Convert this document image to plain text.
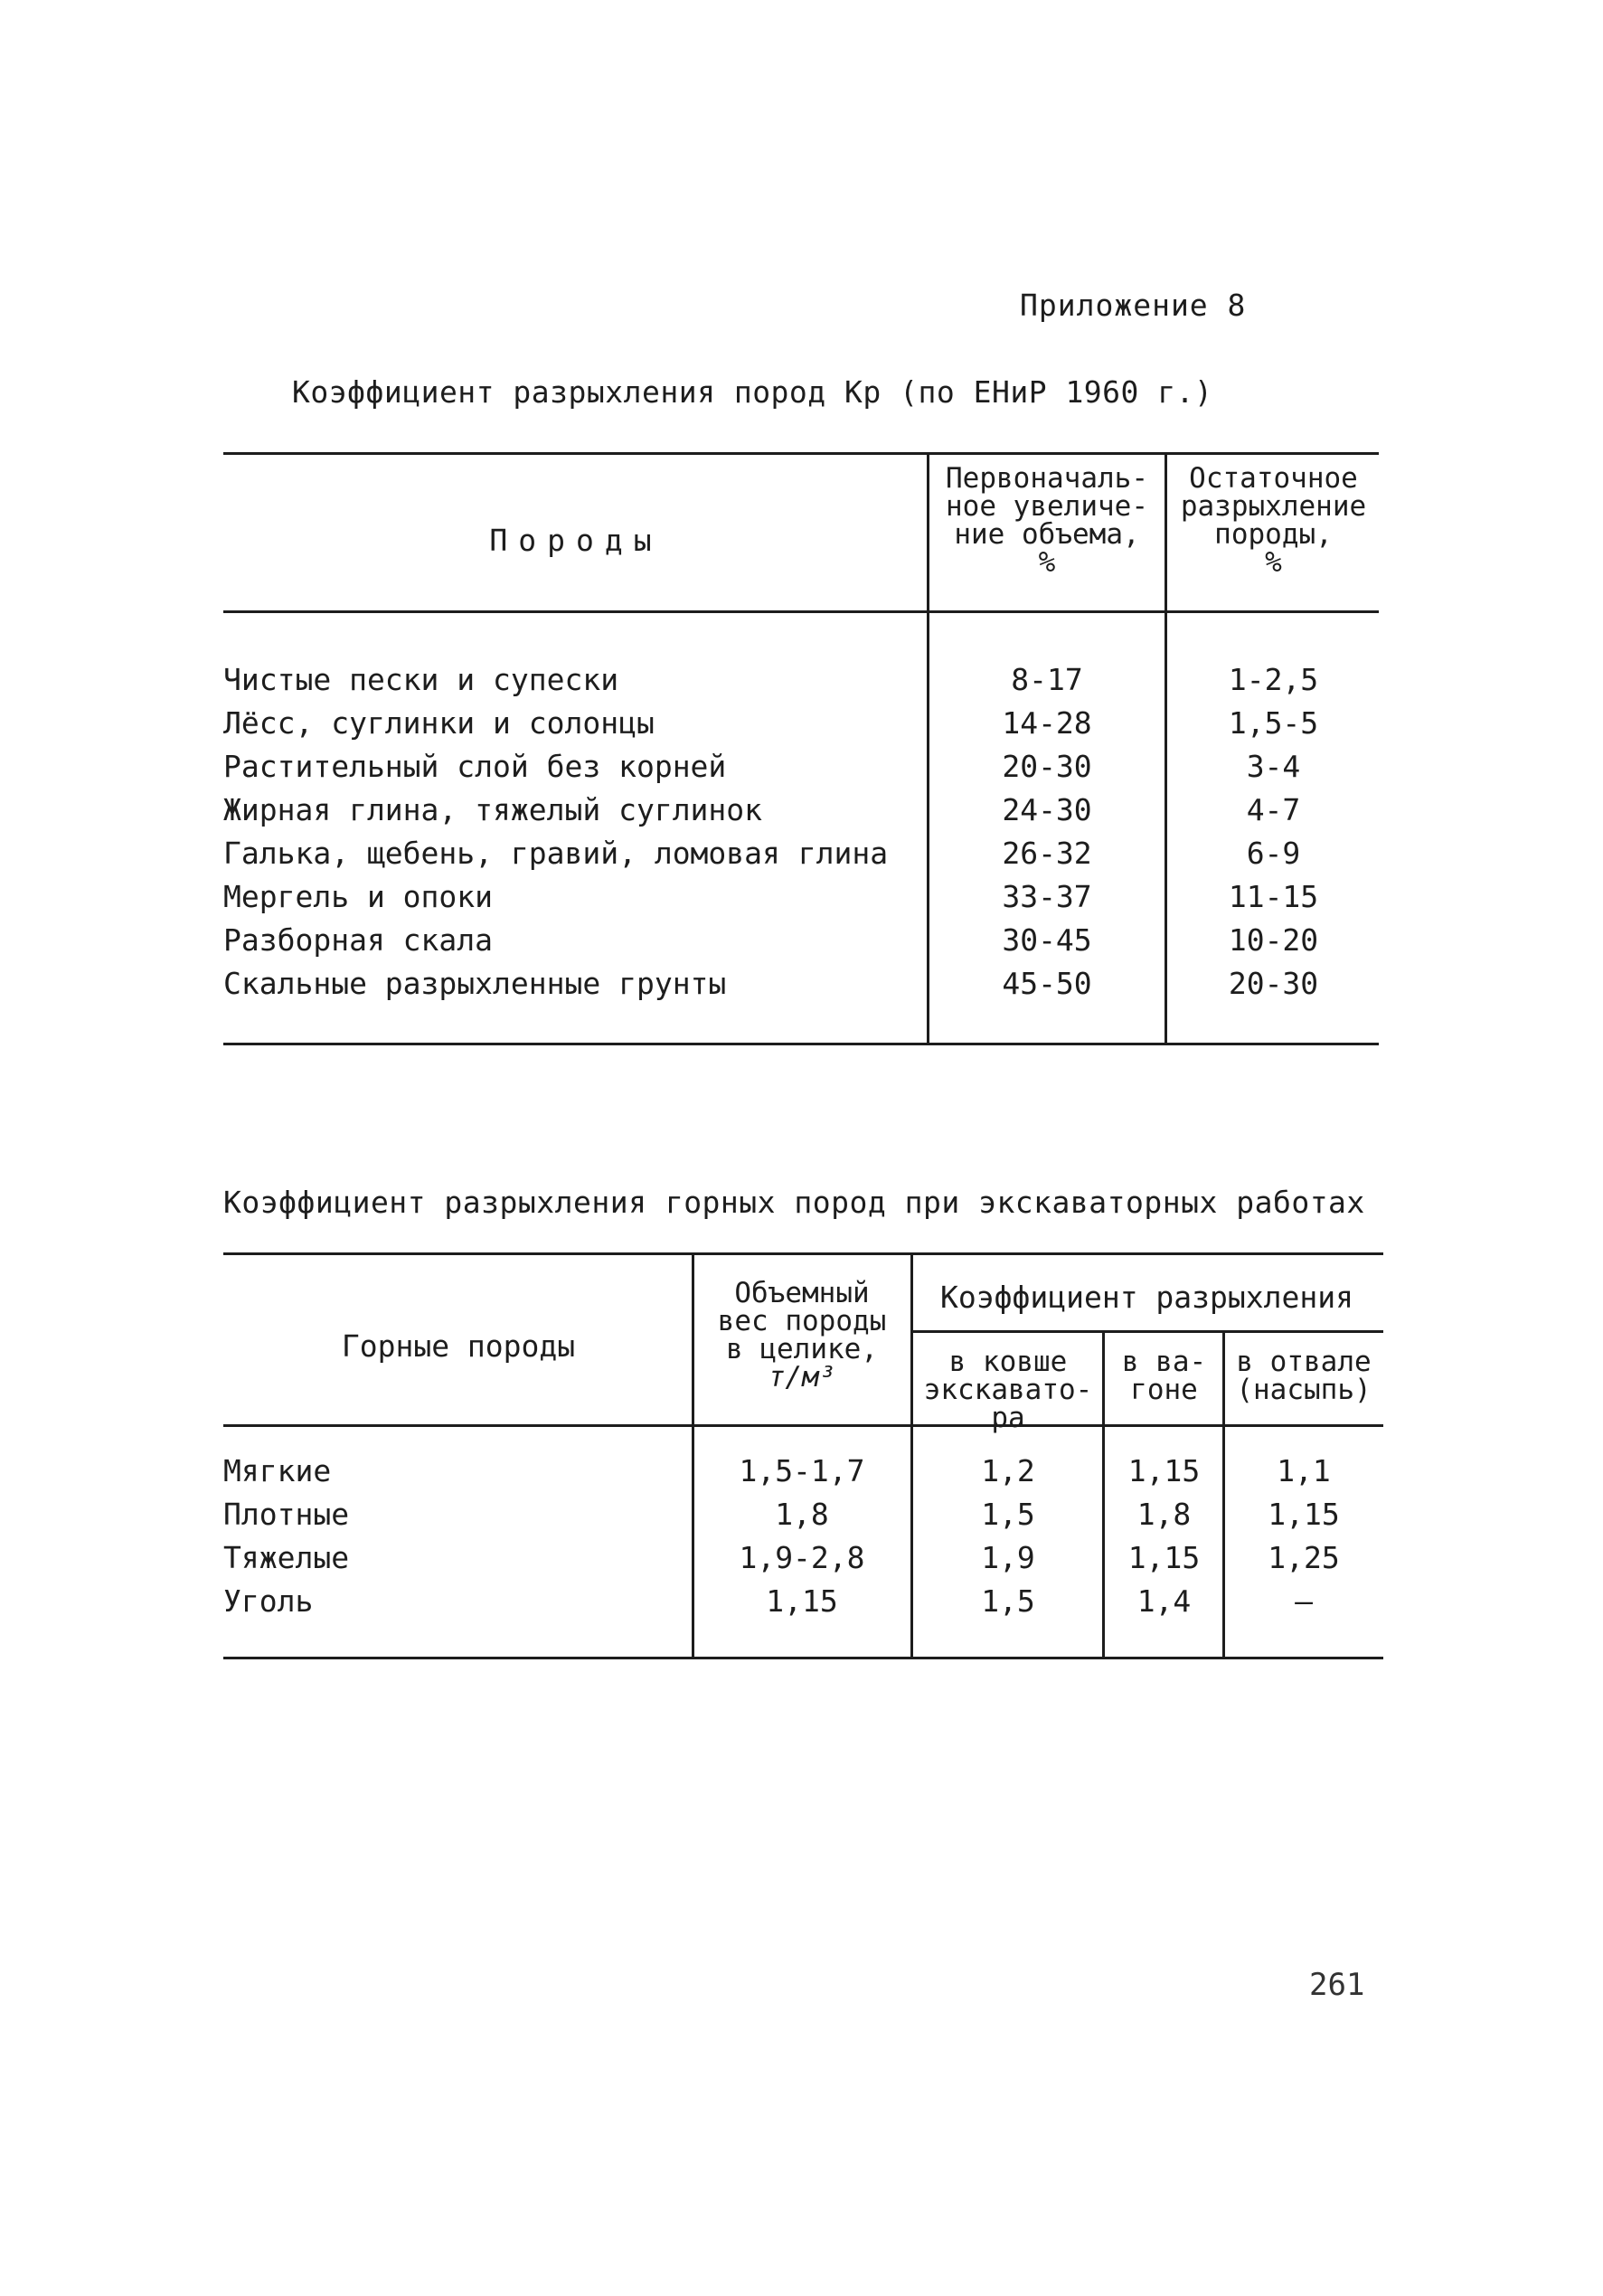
Приложение 8
Коэффициент разрыхления пород Кр (по ЕНиР 1960 г.)
Породы
Первоначаль-
ное увеличе-
ние объема,
%
Остаточное
разрыхление
породы,
%
Чистые пески и супески	8-17	1-2,5
Лёсс, суглинки и солонцы	14-28	1,5-5
Растительный слой без корней	20-30	3-4
Жирная глина, тяжелый суглинок	24-30	4-7
Галька, щебень, гравий, ломовая глина	26-32	6-9
Мергель и опоки	33-37	11-15
Разборная скала	30-45	10-20
Скальные разрыхленные грунты	45-50	20-30
Коэффициент разрыхления горных пород при экскаваторных работах
Горные породы
Объемный
вес породы
в целике,
т/м³
Коэффициент разрыхления
в ковше
экскавато-
ра
в ва-
гоне
в отвале
(насыпь)
Мягкие	1,5-1,7	1,2	1,15	1,1
Плотные	1,8	1,5	1,8	1,15
Тяжелые	1,9-2,8	1,9	1,15	1,25
Уголь	1,15	1,5	1,4	–
261
